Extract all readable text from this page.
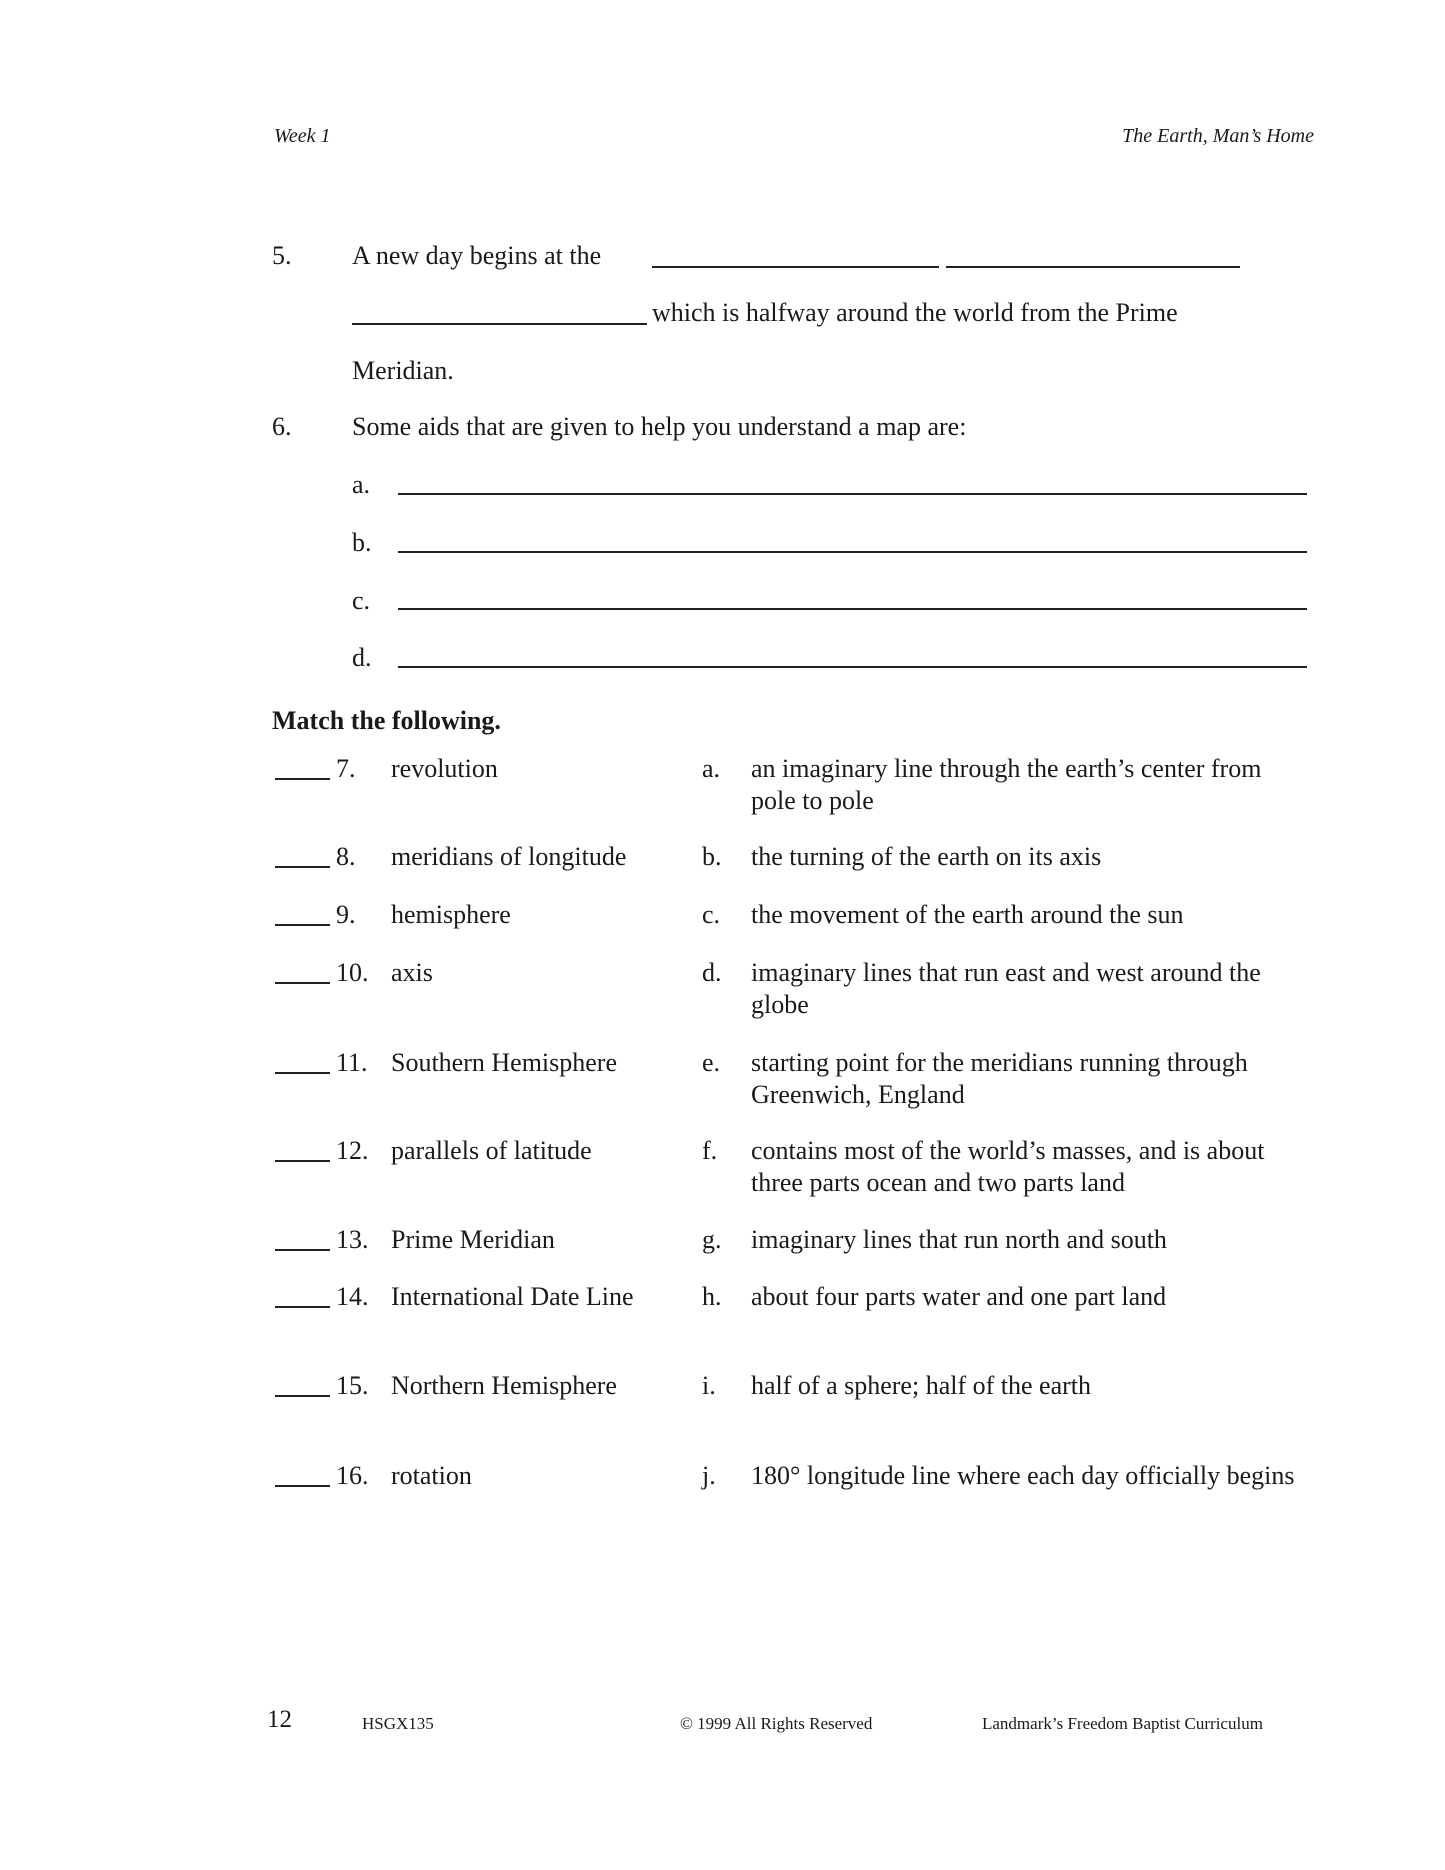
Week 1	The Earth, Man’s Home
5. A new day begins at the
which is halfway around the world from the Prime
Meridian.
6. Some aids that are given to help you understand a map are:
a.
b.
c.
d.
Match the following.
7. revolution	a. an imaginary line through the earth’s center from pole to pole
8. meridians of longitude	b. the turning of the earth on its axis
9. hemisphere	c. the movement of the earth around the sun
10. axis	d. imaginary lines that run east and west around the globe
11. Southern Hemisphere	e. starting point for the meridians running through Greenwich, England
12. parallels of latitude	f. contains most of the world’s masses, and is about three parts ocean and two parts land
13. Prime Meridian	g. imaginary lines that run north and south
14. International Date Line	h. about four parts water and one part land
15. Northern Hemisphere	i. half of a sphere; half of the earth
16. rotation	j. 180° longitude line where each day officially begins
12	HSGX135	© 1999 All Rights Reserved	Landmark’s Freedom Baptist Curriculum
